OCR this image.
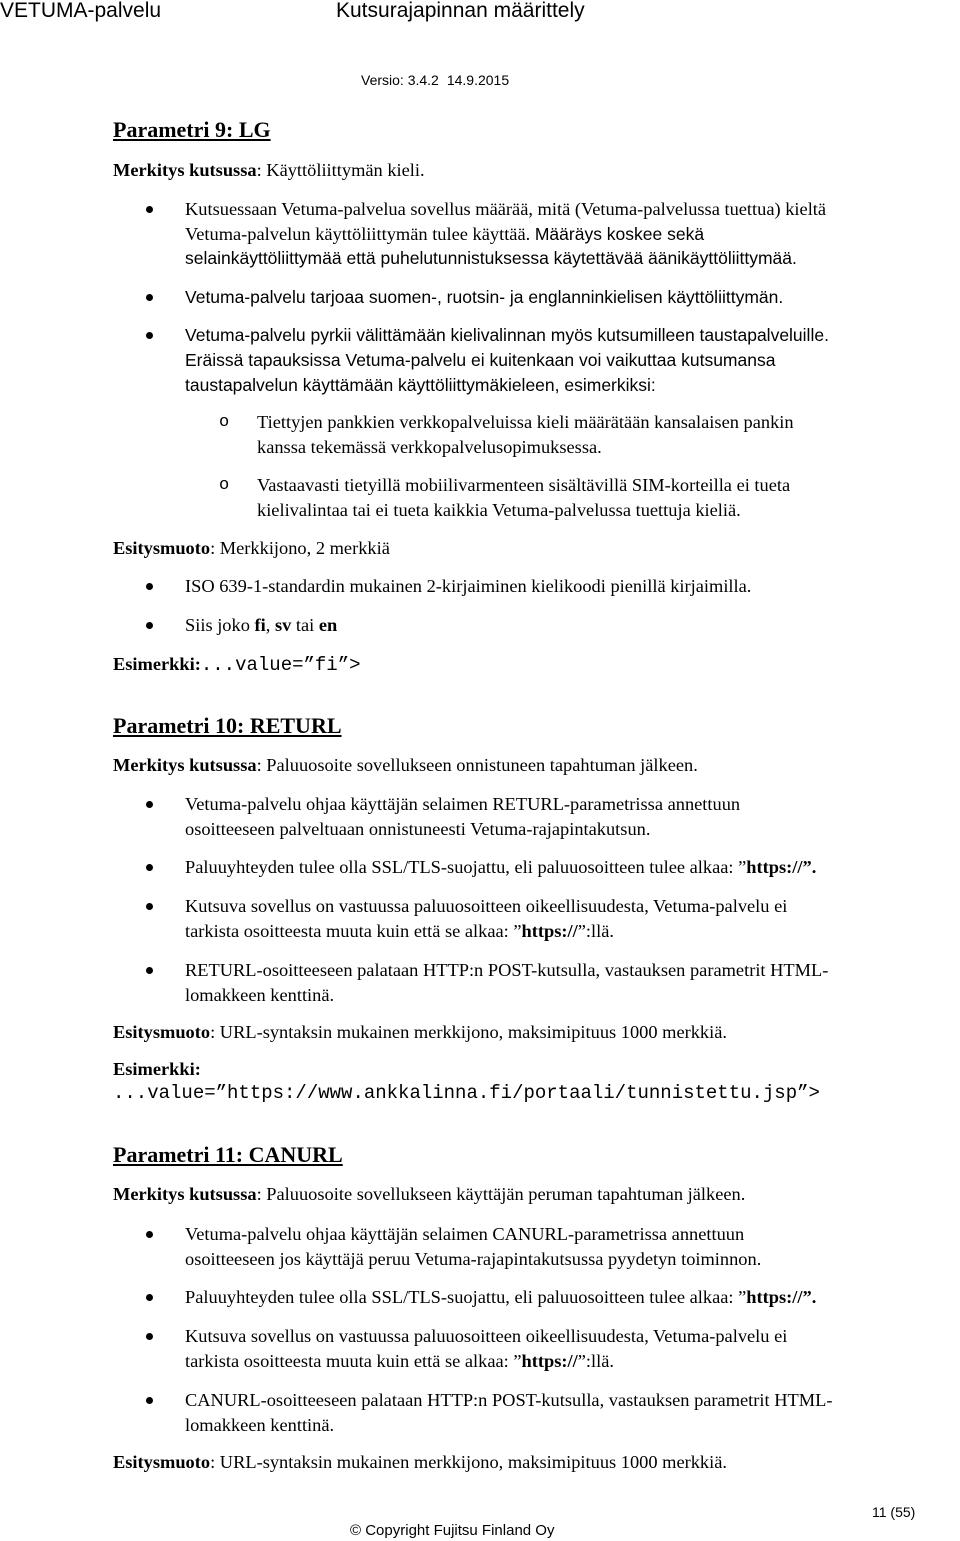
VETUMA-palvelu	Kutsurajapinnan määrittely
Versio: 3.4.2 14.9.2015
Parametri 9: LG
Merkitys kutsussa: Käyttöliittymän kieli.
Kutsuessaan Vetuma-palvelua sovellus määrää, mitä (Vetuma-palvelussa tuettua) kieltä
Vetuma-palvelun käyttöliittymän tulee käyttää. Määräys koskee sekä
selainkäyttöliittymää että puhelutunnistuksessa käytettävää äänikäyttöliittymää.
Vetuma-palvelu tarjoaa suomen-, ruotsin- ja englanninkielisen käyttöliittymän.
Vetuma-palvelu pyrkii välittämään kielivalinnan myös kutsumilleen taustapalveluille.
Eräissä tapauksissa Vetuma-palvelu ei kuitenkaan voi vaikuttaa kutsumansa
taustapalvelun käyttämään käyttöliittymäkieleen, esimerkiksi:
o Tiettyjen pankkien verkkopalveluissa kieli määrätään kansalaisen pankin
kanssa tekemässä verkkopalvelusopimuksessa.
o Vastaavasti tietyillä mobiilivarmenteen sisältävillä SIM-korteilla ei tueta
kielivalintaa tai ei tueta kaikkia Vetuma-palvelussa tuettuja kieliä.
Esitysmuoto: Merkkijono, 2 merkkiä
ISO 639-1-standardin mukainen 2-kirjaiminen kielikoodi pienillä kirjaimilla.
Siis joko fi, sv tai en
Esimerkki:...value=”fi”>
Parametri 10: RETURL
Merkitys kutsussa: Paluuosoite sovellukseen onnistuneen tapahtuman jälkeen.
Vetuma-palvelu ohjaa käyttäjän selaimen RETURL-parametrissa annettuun
osoitteeseen palveltuaan onnistuneesti Vetuma-rajapintakutsun.
Paluuyhteyden tulee olla SSL/TLS-suojattu, eli paluuosoitteen tulee alkaa: ”https://”.
Kutsuva sovellus on vastuussa paluuosoitteen oikeellisuudesta, Vetuma-palvelu ei
tarkista osoitteesta muuta kuin että se alkaa: ”https://”:llä.
RETURL-osoitteeseen palataan HTTP:n POST-kutsulla, vastauksen parametrit HTML-
lomakkeen kenttinä.
Esitysmuoto: URL-syntaksin mukainen merkkijono, maksimipituus 1000 merkkiä.
Esimerkki:
...value=”https://www.ankkalinna.fi/portaali/tunnistettu.jsp”>
Parametri 11: CANURL
Merkitys kutsussa: Paluuosoite sovellukseen käyttäjän peruman tapahtuman jälkeen.
Vetuma-palvelu ohjaa käyttäjän selaimen CANURL-parametrissa annettuun
osoitteeseen jos käyttäjä peruu Vetuma-rajapintakutsussa pyydetyn toiminnon.
Paluuyhteyden tulee olla SSL/TLS-suojattu, eli paluuosoitteen tulee alkaa: ”https://”.
Kutsuva sovellus on vastuussa paluuosoitteen oikeellisuudesta, Vetuma-palvelu ei
tarkista osoitteesta muuta kuin että se alkaa: ”https://”:llä.
CANURL-osoitteeseen palataan HTTP:n POST-kutsulla, vastauksen parametrit HTML-
lomakkeen kenttinä.
Esitysmuoto: URL-syntaksin mukainen merkkijono, maksimipituus 1000 merkkiä.
11 (55)
© Copyright Fujitsu Finland Oy
